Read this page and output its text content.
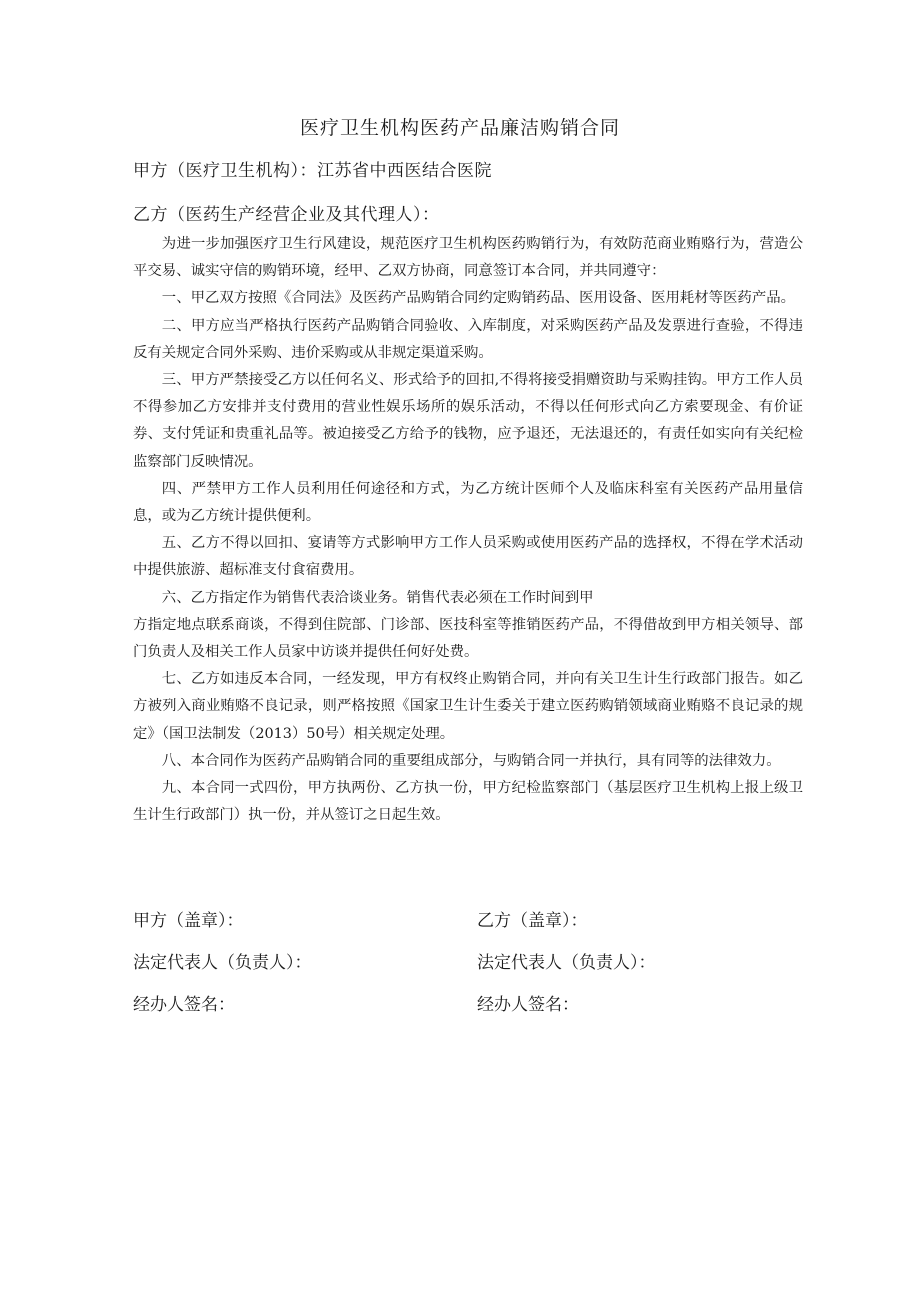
医疗卫生机构医药产品廉洁购销合同
甲方（医疗卫生机构）：江苏省中西医结合医院
乙方（医药生产经营企业及其代理人）：

为进一步加强医疗卫生行风建设，规范医疗卫生机构医药购销行为，有效防范商业贿赂行为，营造公平交易、诚实守信的购销环境，经甲、乙双方协商，同意签订本合同，并共同遵守：

一、甲乙双方按照《合同法》及医药产品购销合同约定购销药品、医用设备、医用耗材等医药产品。

二、甲方应当严格执行医药产品购销合同验收、入库制度，对采购医药产品及发票进行查验，不得违反有关规定合同外采购、违价采购或从非规定渠道采购。

三、甲方严禁接受乙方以任何名义、形式给予的回扣,不得将接受捐赠资助与采购挂钩。甲方工作人员不得参加乙方安排并支付费用的营业性娱乐场所的娱乐活动，不得以任何形式向乙方索要现金、有价证券、支付凭证和贵重礼品等。被迫接受乙方给予的钱物，应予退还，无法退还的，有责任如实向有关纪检监察部门反映情况。

四、严禁甲方工作人员利用任何途径和方式，为乙方统计医师个人及临床科室有关医药产品用量信息，或为乙方统计提供便利。

五、乙方不得以回扣、宴请等方式影响甲方工作人员采购或使用医药产品的选择权，不得在学术活动中提供旅游、超标准支付食宿费用。

六、乙方指定作为销售代表洽谈业务。销售代表必须在工作时间到甲

方指定地点联系商谈，不得到住院部、门诊部、医技科室等推销医药产品，不得借故到甲方相关领导、部门负责人及相关工作人员家中访谈并提供任何好处费。

七、乙方如违反本合同，一经发现，甲方有权终止购销合同，并向有关卫生计生行政部门报告。如乙方被列入商业贿赂不良记录，则严格按照《国家卫生计生委关于建立医药购销领域商业贿赂不良记录的规定》（国卫法制发（2013）50号）相关规定处理。

八、本合同作为医药产品购销合同的重要组成部分，与购销合同一并执行，具有同等的法律效力。

九、本合同一式四份，甲方执两份、乙方执一份，甲方纪检监察部门（基层医疗卫生机构上报上级卫生计生行政部门）执一份，并从签订之日起生效。

甲方（盖章）：	乙方（盖章）：
法定代表人（负责人）：	法定代表人（负责人）：
经办人签名：	经办人签名：
